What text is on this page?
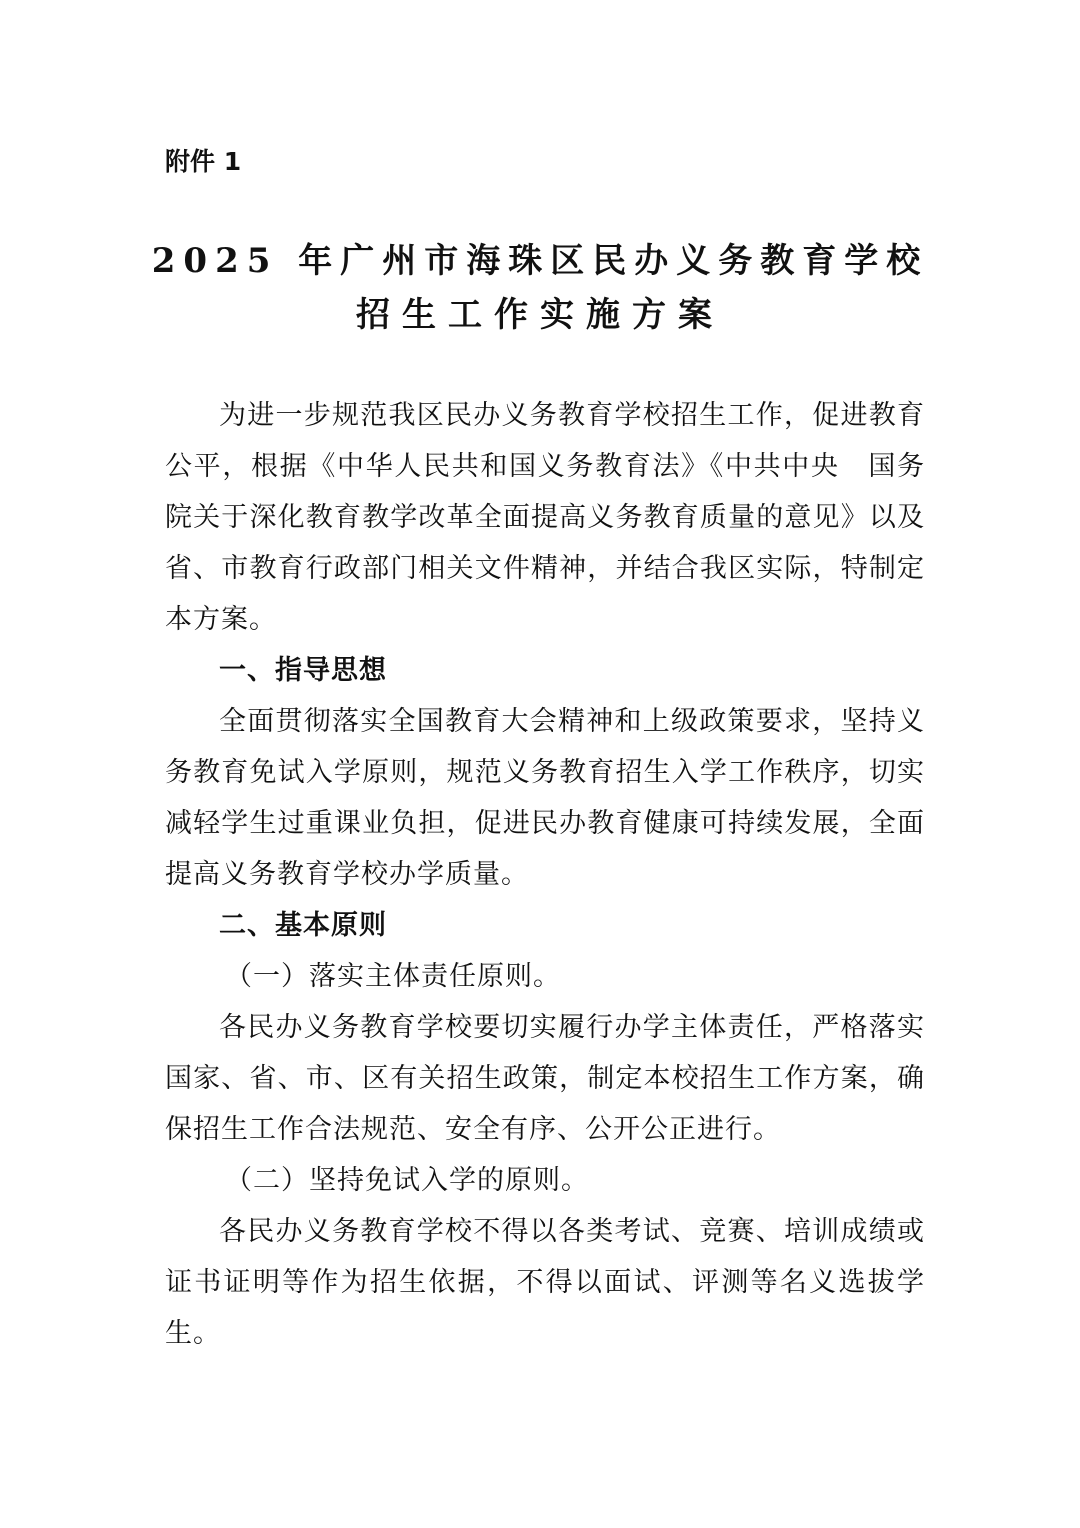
附件 1
2025 年广州市海珠区民办义务教育学校
招生工作实施方案

为进一步规范我区民办义务教育学校招生工作，促进教育公平，根据《中华人民共和国义务教育法》《中共中央　国务院关于深化教育教学改革全面提高义务教育质量的意见》以及省、市教育行政部门相关文件精神，并结合我区实际，特制定本方案。

一、指导思想

全面贯彻落实全国教育大会精神和上级政策要求，坚持义务教育免试入学原则，规范义务教育招生入学工作秩序，切实减轻学生过重课业负担，促进民办教育健康可持续发展，全面提高义务教育学校办学质量。

二、基本原则

（一）落实主体责任原则。

各民办义务教育学校要切实履行办学主体责任，严格落实国家、省、市、区有关招生政策，制定本校招生工作方案，确保招生工作合法规范、安全有序、公开公正进行。

（二）坚持免试入学的原则。

各民办义务教育学校不得以各类考试、竞赛、培训成绩或证书证明等作为招生依据，不得以面试、评测等名义选拔学生。
